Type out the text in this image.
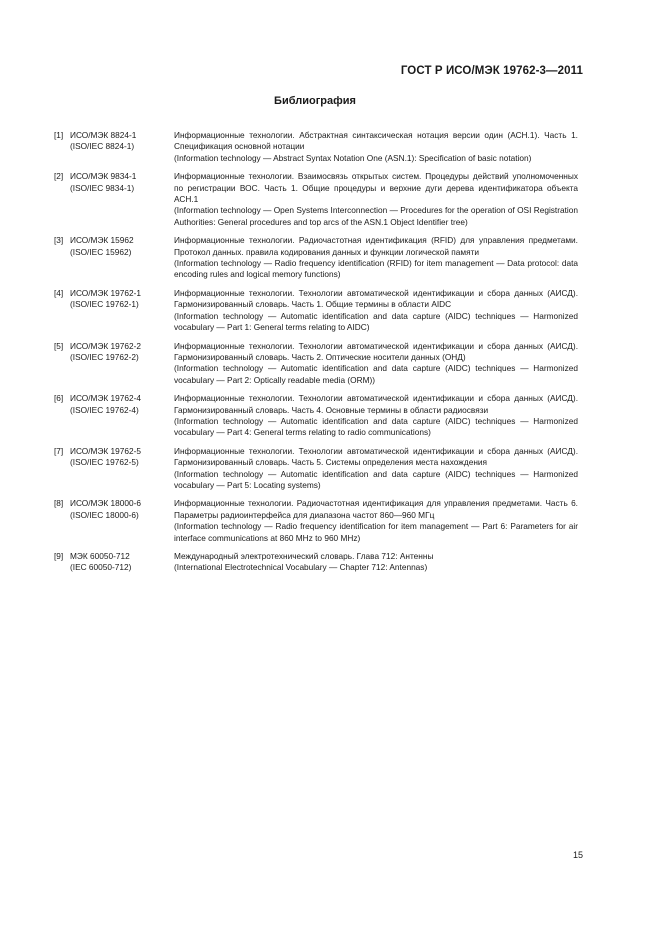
ГОСТ Р ИСО/МЭК 19762-3—2011
Библиография
[1] ИСО/МЭК 8824-1
(ISO/IEC 8824-1)
Информационные технологии. Абстрактная синтаксическая нотация версии один (АСН.1). Часть 1. Спецификация основной нотации
(Information technology — Abstract Syntax Notation One (ASN.1): Specification of basic notation)
[2] ИСО/МЭК 9834-1
(ISO/IEC 9834-1)
Информационные технологии. Взаимосвязь открытых систем. Процедуры действий уполномоченных по регистрации ВОС. Часть 1. Общие процедуры и верхние дуги дерева идентификатора объекта АСН.1
(Information technology — Open Systems Interconnection — Procedures for the operation of OSI Registration Authorities: General procedures and top arcs of the ASN.1 Object Identifier tree)
[3] ИСО/МЭК 15962
(ISO/IEC 15962)
Информационные технологии. Радиочастотная идентификация (RFID) для управления предметами. Протокол данных. правила кодирования данных и функции логической памяти
(Information technology — Radio frequency identification (RFID) for item management — Data protocol: data encoding rules and logical memory functions)
[4] ИСО/МЭК 19762-1
(ISO/IEC 19762-1)
Информационные технологии. Технологии автоматической идентификации и сбора данных (АИСД). Гармонизированный словарь. Часть 1. Общие термины в области AIDC
(Information technology — Automatic identification and data capture (AIDC) techniques — Harmonized vocabulary — Part 1: General terms relating to AIDC)
[5] ИСО/МЭК 19762-2
(ISO/IEC 19762-2)
Информационные технологии. Технологии автоматической идентификации и сбора данных (АИСД). Гармонизированный словарь. Часть 2. Оптические носители данных (ОНД)
(Information technology — Automatic identification and data capture (AIDC) techniques — Harmonized vocabulary — Part 2: Optically readable media (ORM))
[6] ИСО/МЭК 19762-4
(ISO/IEC 19762-4)
Информационные технологии. Технологии автоматической идентификации и сбора данных (АИСД). Гармонизированный словарь. Часть 4. Основные термины в области радиосвязи
(Information technology — Automatic identification and data capture (AIDC) techniques — Harmonized vocabulary — Part 4: General terms relating to radio communications)
[7] ИСО/МЭК 19762-5
(ISO/IEC 19762-5)
Информационные технологии. Технологии автоматической идентификации и сбора данных (АИСД). Гармонизированный словарь. Часть 5. Системы определения места нахождения
(Information technology — Automatic identification and data capture (AIDC) techniques — Harmonized vocabulary — Part 5: Locating systems)
[8] ИСО/МЭК 18000-6
(ISO/IEC 18000-6)
Информационные технологии. Радиочастотная идентификация для управления предметами. Часть 6. Параметры радиоинтерфейса для диапазона частот 860—960 МГц
(Information technology — Radio frequency identification for item management — Part 6: Parameters for air interface communications at 860 MHz to 960 MHz)
[9] МЭК 60050-712
(IEC 60050-712)
Международный электротехнический словарь. Глава 712: Антенны
(International Electrotechnical Vocabulary — Chapter 712: Antennas)
15
